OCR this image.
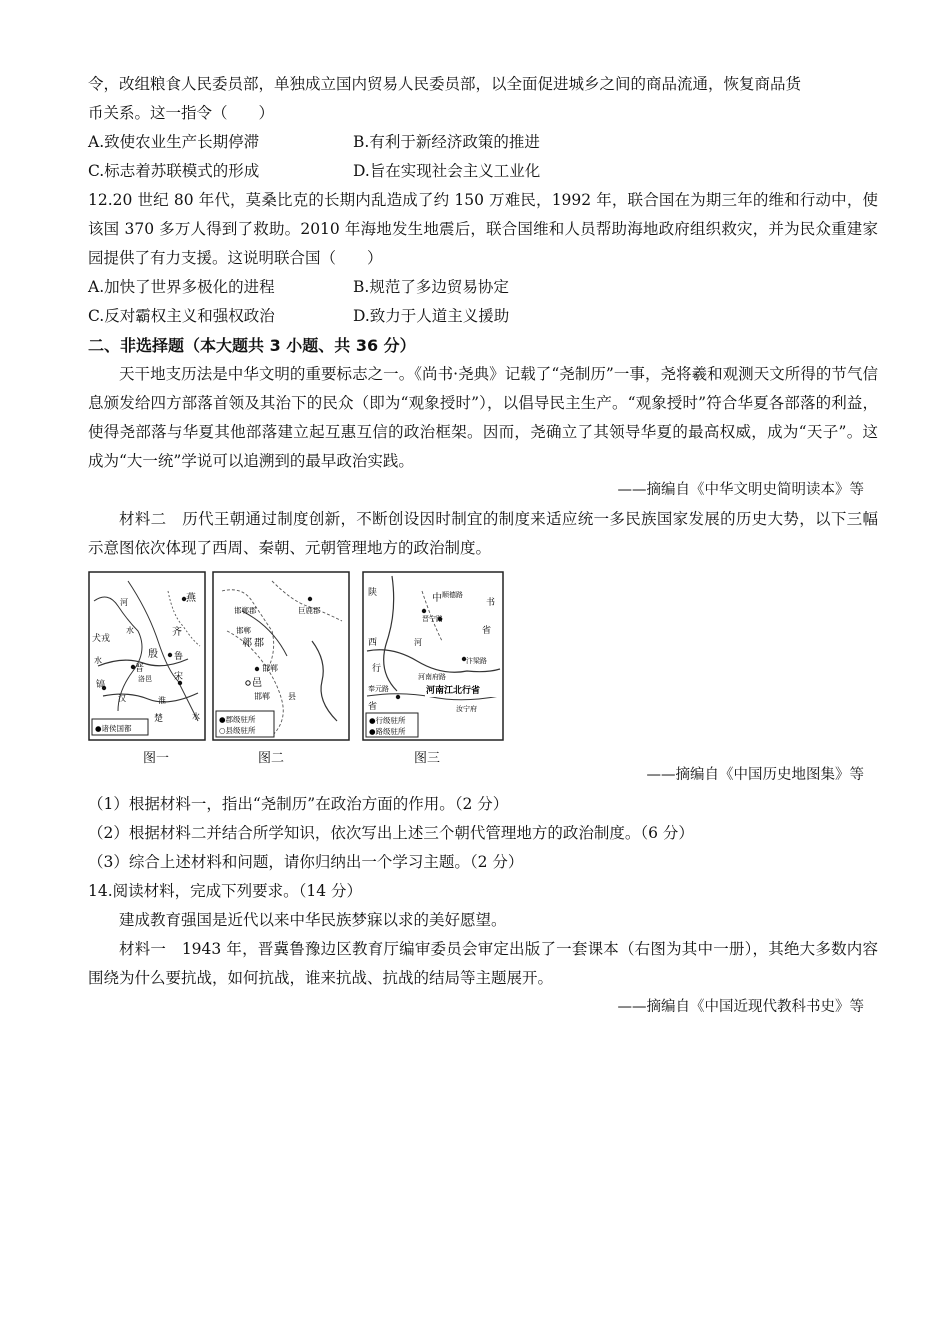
令，改组粮食人民委员部，单独成立国内贸易人民委员部，以全面促进城乡之间的商品流通，恢复商品货

币关系。这一指令（　　）

A.致使农业生产长期停滞	B.有利于新经济政策的推进
C.标志着苏联模式的形成	D.旨在实现社会主义工业化

12.20 世纪 80 年代，莫桑比克的长期内乱造成了约 150 万难民，1992 年，联合国在为期三年的维和行动中，使该国 370 多万人得到了救助。2010 年海地发生地震后，联合国维和人员帮助海地政府组织救灾，并为民众重建家园提供了有力支援。这说明联合国（　　）

A.加快了世界多极化的进程	B.规范了多边贸易协定
C.反对霸权主义和强权政治	D.致力于人道主义援助

二、非选择题（本大题共 3 小题、共 36 分）

天干地支历法是中华文明的重要标志之一。《尚书·尧典》记载了“尧制历”一事，尧将羲和观测天文所得的节气信息颁发给四方部落首领及其治下的民众（即为“观象授时”），以倡导民主生产。“观象授时”符合华夏各部落的利益，使得尧部落与华夏其他部落建立起互惠互信的政治框架。因而，尧确立了其领导华夏的最高权威，成为“天子”。这成为“大一统”学说可以追溯到的最早政治实践。

——摘编自《中华文明史简明读本》等

材料二　历代王朝通过制度创新，不断创设因时制宜的制度来适应统一多民族国家发展的历史大势，以下三幅示意图依次体现了西周、秦朝、元朝管理地方的政治制度。

燕
河
犬戎
水
殷
齐
水
晋
鲁
镐
洛邑 宋
汉	淮
楚	水
●诸侯国都
图一
邯郸郡	巨鹿郡
邯郸
鄣 郡
邯郸
邑
邯郸 县
●郡级驻所
○县级驻所
图二
陕	中 顺德路
书
晋宁路
西
省
河
行
汴梁路
河南府路
奉元路	河南江北行省
省	汝宁府
●行级驻所
●路级驻所
图三

——摘编自《中国历史地图集》等

（1）根据材料一，指出“尧制历”在政治方面的作用。（2 分）

（2）根据材料二并结合所学知识，依次写出上述三个朝代管理地方的政治制度。（6 分）

（3）综合上述材料和问题，请你归纳出一个学习主题。（2 分）

14.阅读材料，完成下列要求。（14 分）

建成教育强国是近代以来中华民族梦寐以求的美好愿望。

材料一　1943 年，晋冀鲁豫边区教育厅编审委员会审定出版了一套课本（右图为其中一册），其绝大多数内容围绕为什么要抗战，如何抗战，谁来抗战、抗战的结局等主题展开。

——摘编自《中国近现代教科书史》等
